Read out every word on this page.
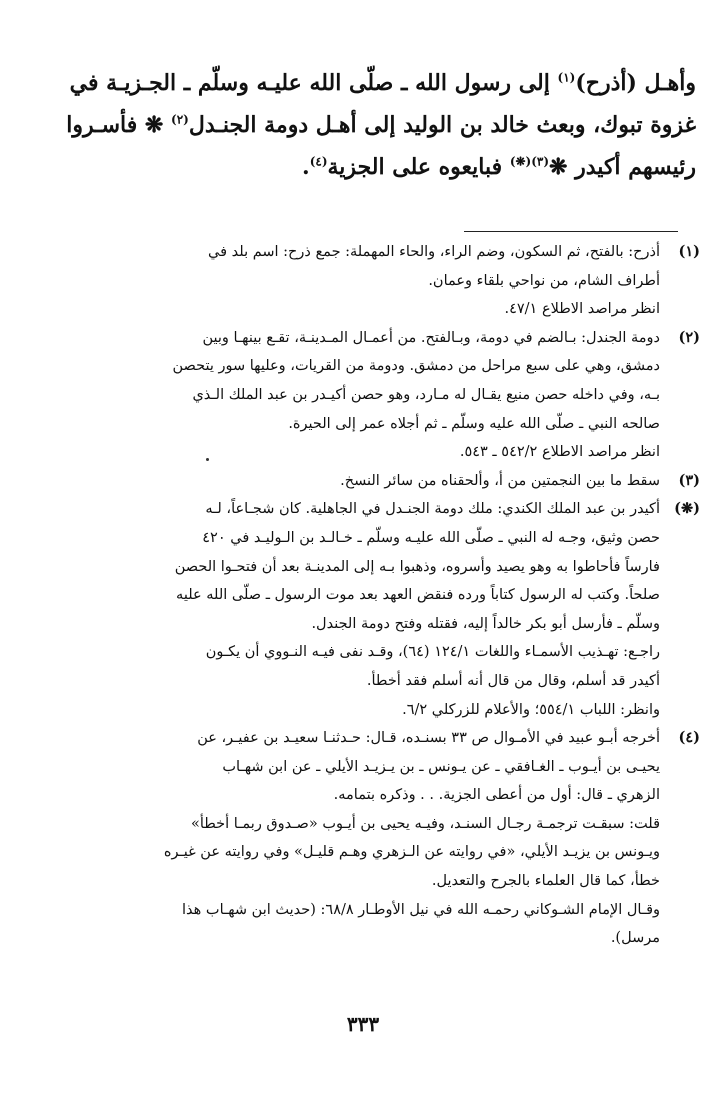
وأهـل (أذرح)$^{(١)}$ إلى رسول الله ـ صلّى الله عليـه وسلّم ـ الجـزيـة في
غزوة تبوك، وبعث خالد بن الوليد إلى أهـل دومة الجنـدل$^{(٢)}$ ❋ فأسـروا
رئيسهم أكيدر ❋$^{(٣)(❋)}$ فبايعوه على الجزية$^{(٤)}$.
(١)
أذرح: بالفتح، ثم السكون، وضم الراء، والحاء المهملة: جمع ذرح: اسم بلد في
أطراف الشام، من نواحي بلقاء وعمان.
انظر مراصد الاطلاع ٤٧/١.
(٢)
دومة الجندل: بـالضم في دومة، وبـالفتح. من أعمـال المـدينـة، تقـع بينهـا وبين
دمشق، وهي على سبع مراحل من دمشق. ودومة من القريات، وعليها سور يتحصن
بـه، وفي داخله حصن منيع يقـال له مـارد، وهو حصن أكيـدر بن عبد الملك الـذي
صالحه النبي ـ صلّى الله عليه وسلّم ـ ثم أجلاه عمر إلى الحيرة.
انظر مراصد الاطلاع ٥٤٢/٢ ـ ٥٤٣.
(٣)
سقط ما بين النجمتين من أ، وألحقناه من سائر النسخ.
(❋)
أكيدر بن عبد الملك الكندي: ملك دومة الجنـدل في الجاهلية. كان شجـاعاً، لـه
حصن وثيق، وجـه له النبي ـ صلّى الله عليـه وسلّم ـ خـالـد بن الـوليـد في ٤٢٠
فارساً فأحاطوا به وهو يصيد وأسروه، وذهبوا بـه إلى المدينـة بعد أن فتحـوا الحصن
صلحاً. وكتب له الرسول كتاباً ورده فنقض العهد بعد موت الرسول ـ صلّى الله عليه
وسلّم ـ فأرسل أبو بكر خالداً إليه، فقتله وفتح دومة الجندل.
راجـع: تهـذيب الأسمـاء واللغات ١٢٤/١ (٦٤)، وقـد نفى فيـه النـووي أن يكـون
أكيدر قد أسلم، وقال من قال أنه أسلم فقد أخطأ.
وانظر: اللباب ٥٥٤/١؛ والأعلام للزركلي ٦/٢.
(٤)
أخرجه أبـو عبيد في الأمـوال ص ٣٣ بسنـده، قـال: حـدثنـا سعيـد بن عفيـر، عن
يحيـى بن أيـوب ـ الغـافقي ـ عن يـونس ـ بن يـزيـد الأيلي ـ عن ابن شهـاب
الزهري ـ قال: أول من أعطى الجزية. . . وذكره بتمامه.
قلت: سبقـت ترجمـة رجـال السنـد، وفيـه يحيى بن أيـوب «صـدوق ربمـا أخطأ»
ويـونس بن يزيـد الأيلي، «في روايته عن الـزهري وهـم قليـل» وفي روايته عن غيـره
خطأ، كما قال العلماء بالجرح والتعديل.
وقـال الإمام الشـوكاني رحمـه الله في نيل الأوطـار ٦٨/٨: (حديث ابن شهـاب هذا
مرسل).
٣٣٣
